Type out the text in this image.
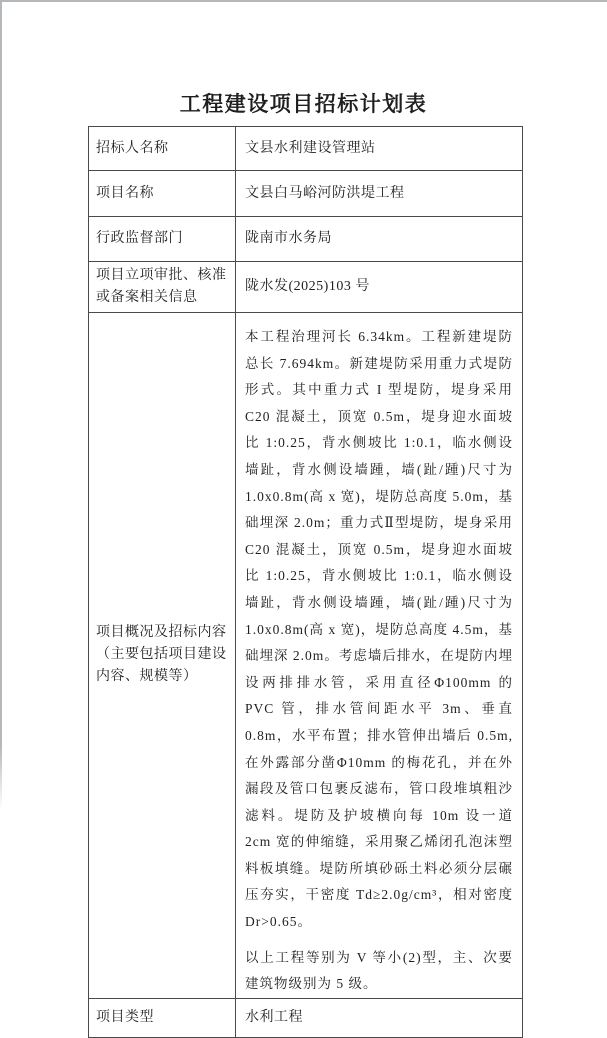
工程建设项目招标计划表
招标人名称	文县水利建设管理站
项目名称	文县白马峪河防洪堤工程
行政监督部门	陇南市水务局
项目立项审批、核准或备案相关信息	陇水发(2025)103 号
项目概况及招标内容（主要包括项目建设内容、规模等）	本工程治理河长 6.34km。工程新建堤防总长 7.694km。新建堤防采用重力式堤防形式。其中重力式 I 型堤防，堤身采用 C20 混凝土，顶宽 0.5m，堤身迎水面坡比 1:0.25，背水侧坡比 1:0.1，临水侧设墙趾，背水侧设墙踵，墙(趾/踵)尺寸为 1.0x0.8m(高 x 宽)，堤防总高度 5.0m，基础埋深 2.0m；重力式Ⅱ型堤防，堤身采用 C20 混凝土，顶宽 0.5m，堤身迎水面坡比 1:0.25，背水侧坡比 1:0.1，临水侧设墙趾，背水侧设墙踵，墙(趾/踵)尺寸为 1.0x0.8m(高 x 宽)，堤防总高度 4.5m，基础埋深 2.0m。考虑墙后排水，在堤防内埋设两排排水管，采用直径Φ100mm 的 PVC 管，排水管间距水平 3m、垂直 0.8m，水平布置；排水管伸出墙后 0.5m,在外露部分凿Φ10mm 的梅花孔，并在外漏段及管口包裹反滤布，管口段堆填粗沙滤料。堤防及护坡横向每 10m 设一道 2cm 宽的伸缩缝，采用聚乙烯闭孔泡沫塑料板填缝。堤防所填砂砾土料必须分层碾压夯实，干密度 Td≥2.0g/cm³，相对密度 Dr>0.65。

以上工程等别为 V 等小(2)型，主、次要建筑物级别为 5 级。

项目类型	水利工程
